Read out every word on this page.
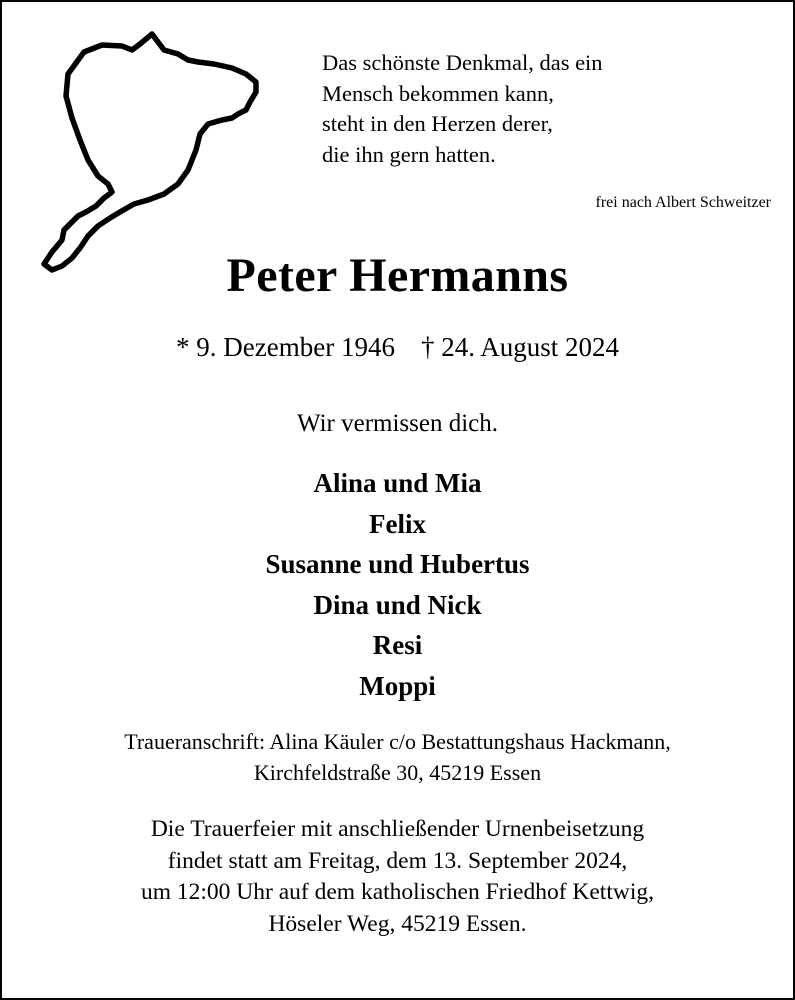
Das schönste Denkmal, das ein
Mensch bekommen kann,
steht in den Herzen derer,
die ihn gern hatten.
frei nach Albert Schweitzer
Peter Hermanns
* 9. Dezember 1946 † 24. August 2024
Wir vermissen dich.
Alina und Mia
Felix
Susanne und Hubertus
Dina und Nick
Resi
Moppi
Traueranschrift: Alina Käuler c/o Bestattungshaus Hackmann,
Kirchfeldstraße 30, 45219 Essen
Die Trauerfeier mit anschließender Urnenbeisetzung
findet statt am Freitag, dem 13. September 2024,
um 12:00 Uhr auf dem katholischen Friedhof Kettwig,
Höseler Weg, 45219 Essen.
